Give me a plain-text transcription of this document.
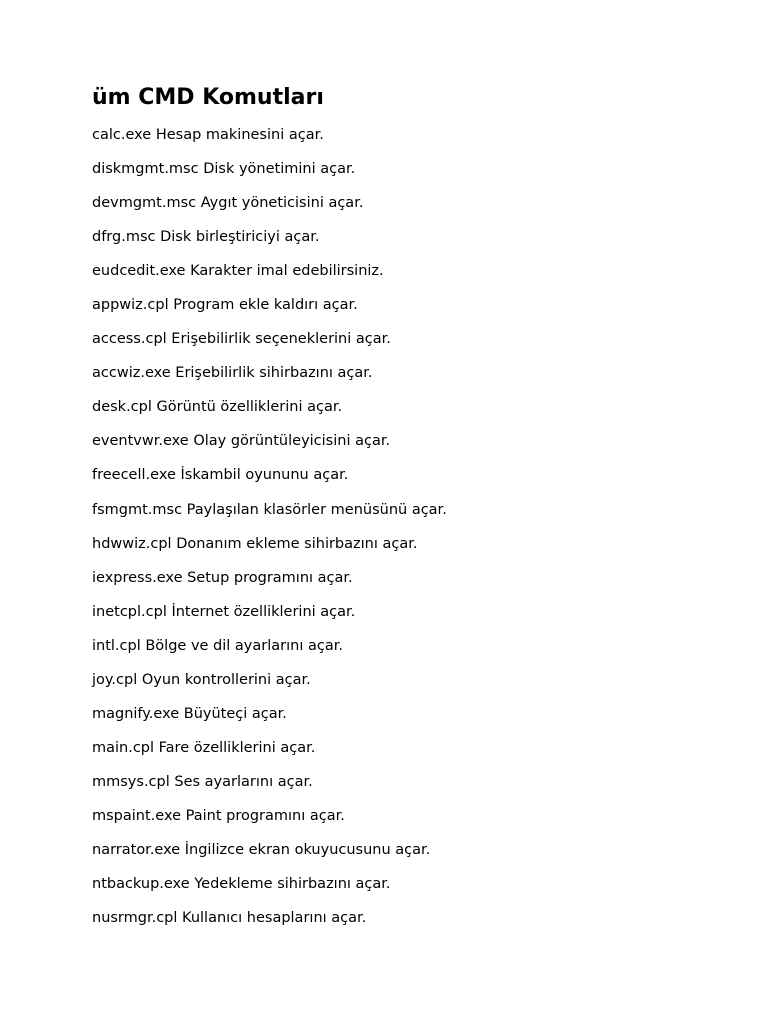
üm CMD Komutları
calc.exe Hesap makinesini açar.
diskmgmt.msc Disk yönetimini açar.
devmgmt.msc Aygıt yöneticisini açar.
dfrg.msc Disk birleştiriciyi açar.
eudcedit.exe Karakter imal edebilirsiniz.
appwiz.cpl Program ekle kaldırı açar.
access.cpl Erişebilirlik seçeneklerini açar.
accwiz.exe Erişebilirlik sihirbazını açar.
desk.cpl Görüntü özelliklerini açar.
eventvwr.exe Olay görüntüleyicisini açar.
freecell.exe İskambil oyununu açar.
fsmgmt.msc Paylaşılan klasörler menüsünü açar.
hdwwiz.cpl Donanım ekleme sihirbazını açar.
iexpress.exe Setup programını açar.
inetcpl.cpl İnternet özelliklerini açar.
intl.cpl Bölge ve dil ayarlarını açar.
joy.cpl Oyun kontrollerini açar.
magnify.exe Büyüteçi açar.
main.cpl Fare özelliklerini açar.
mmsys.cpl Ses ayarlarını açar.
mspaint.exe Paint programını açar.
narrator.exe İngilizce ekran okuyucusunu açar.
ntbackup.exe Yedekleme sihirbazını açar.
nusrmgr.cpl Kullanıcı hesaplarını açar.
